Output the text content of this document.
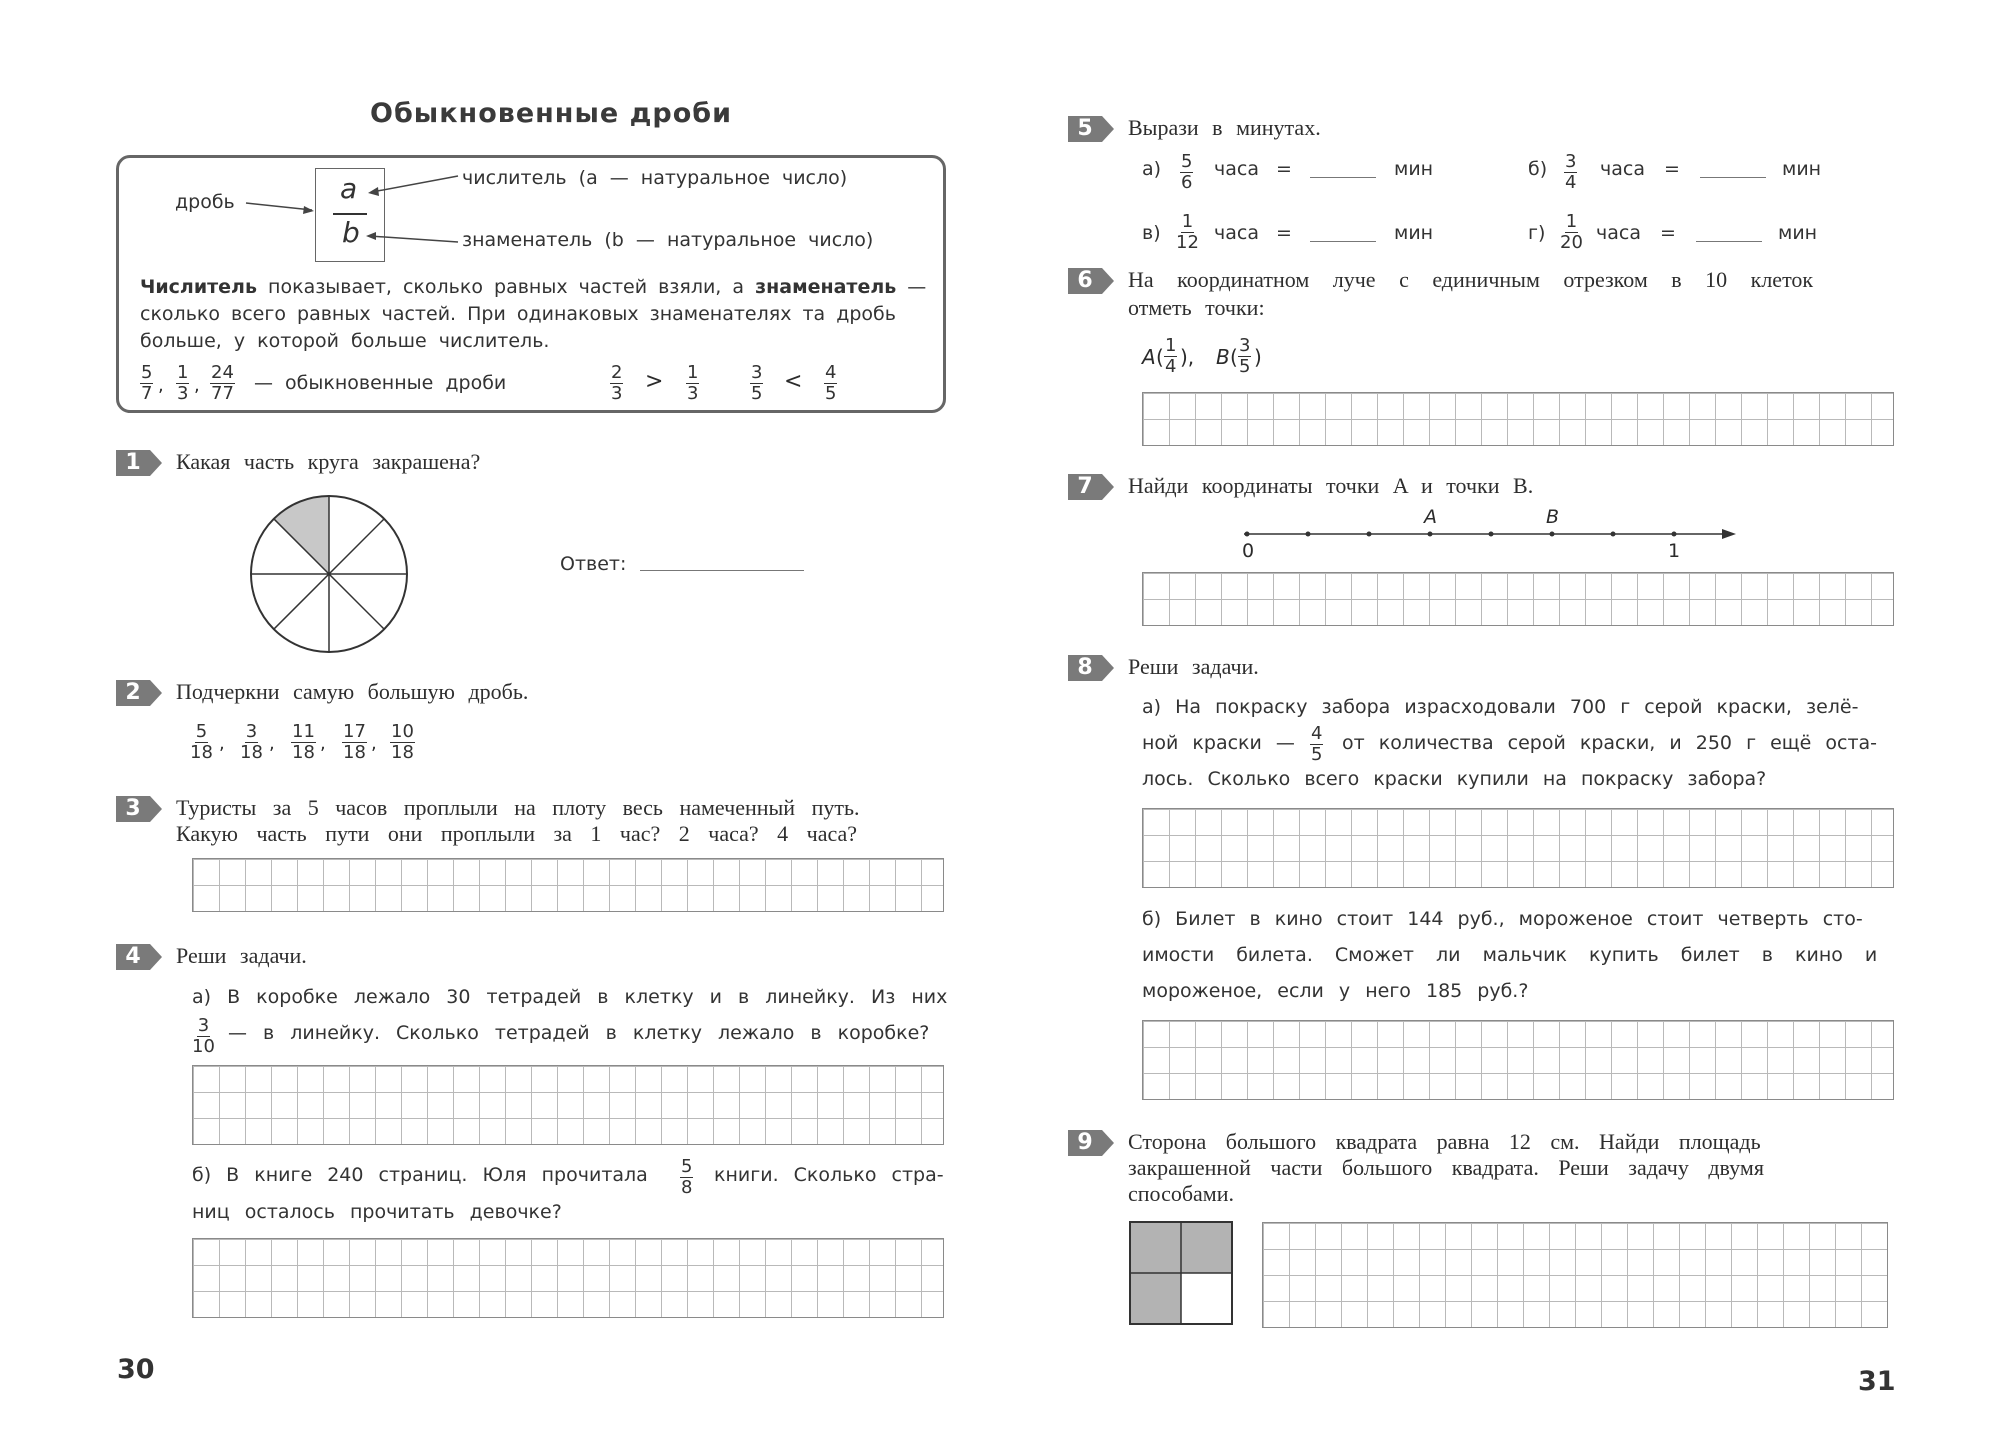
Обыкновенные дроби
a
b
дробь
числитель (a — натуральное число)
знаменатель (b — натуральное число)
Числитель показывает, сколько равных частей взяли, а знаменатель —
сколько всего равных частей. При одинаковых знаменателях та дробь
больше, у которой больше числитель.
$\frac{5}{7}$ , $\frac{1}{3}$ , $\frac{24}{77}$ — обыкновенные дроби	$\frac{2}{3} > \frac{1}{3}$	$\frac{3}{5} < \frac{4}{5}$
1	Какая часть круга закрашена?
Ответ:
2	Подчеркни самую большую дробь.
$\frac{5}{18}$ , $\frac{3}{18}$ , $\frac{11}{18}$ , $\frac{17}{18}$ , $\frac{10}{18}$
3	Туристы за 5 часов проплыли на плоту весь намеченный путь.
Какую часть пути они проплыли за 1 час? 2 часа? 4 часа?
4	Реши задачи.
а) В коробке лежало 30 тетрадей в клетку и в линейку. Из них
$\frac{3}{10}$ — в линейку. Сколько тетрадей в клетку лежало в коробке?
б) В книге 240 страниц. Юля прочитала $\frac{5}{8}$ книги. Сколько стра-
ниц осталось прочитать девочке?
30
5	Вырази в минутах.
$а) \frac{5}{6}$ часа =	мин	$б) \frac{3}{4}$ часа =	мин
$в) \frac{1}{12}$ часа =	мин	$г) \frac{1}{20}$ часа =	мин
6	На координатном луче с единичным отрезком в 10 клеток
отметь точки:
A ( $\frac{1}{4}$ ), B ( $\frac{3}{5}$ )
7	Найди координаты точки A и точки B.
A	B
0	1
8	Реши задачи.
а) На покраску забора израсходовали 700 г серой краски, зелё-
ной краски — $\frac{4}{5}$ от количества серой краски, и 250 г ещё оста-
лось. Сколько всего краски купили на покраску забора?
б) Билет в кино стоит 144 руб., мороженое стоит четверть сто-
имости билета. Сможет ли мальчик купить билет в кино и
мороженое, если у него 185 руб.?
9	Сторона большого квадрата равна 12 см. Найди площадь
закрашенной части большого квадрата. Реши задачу двумя
способами.
31
